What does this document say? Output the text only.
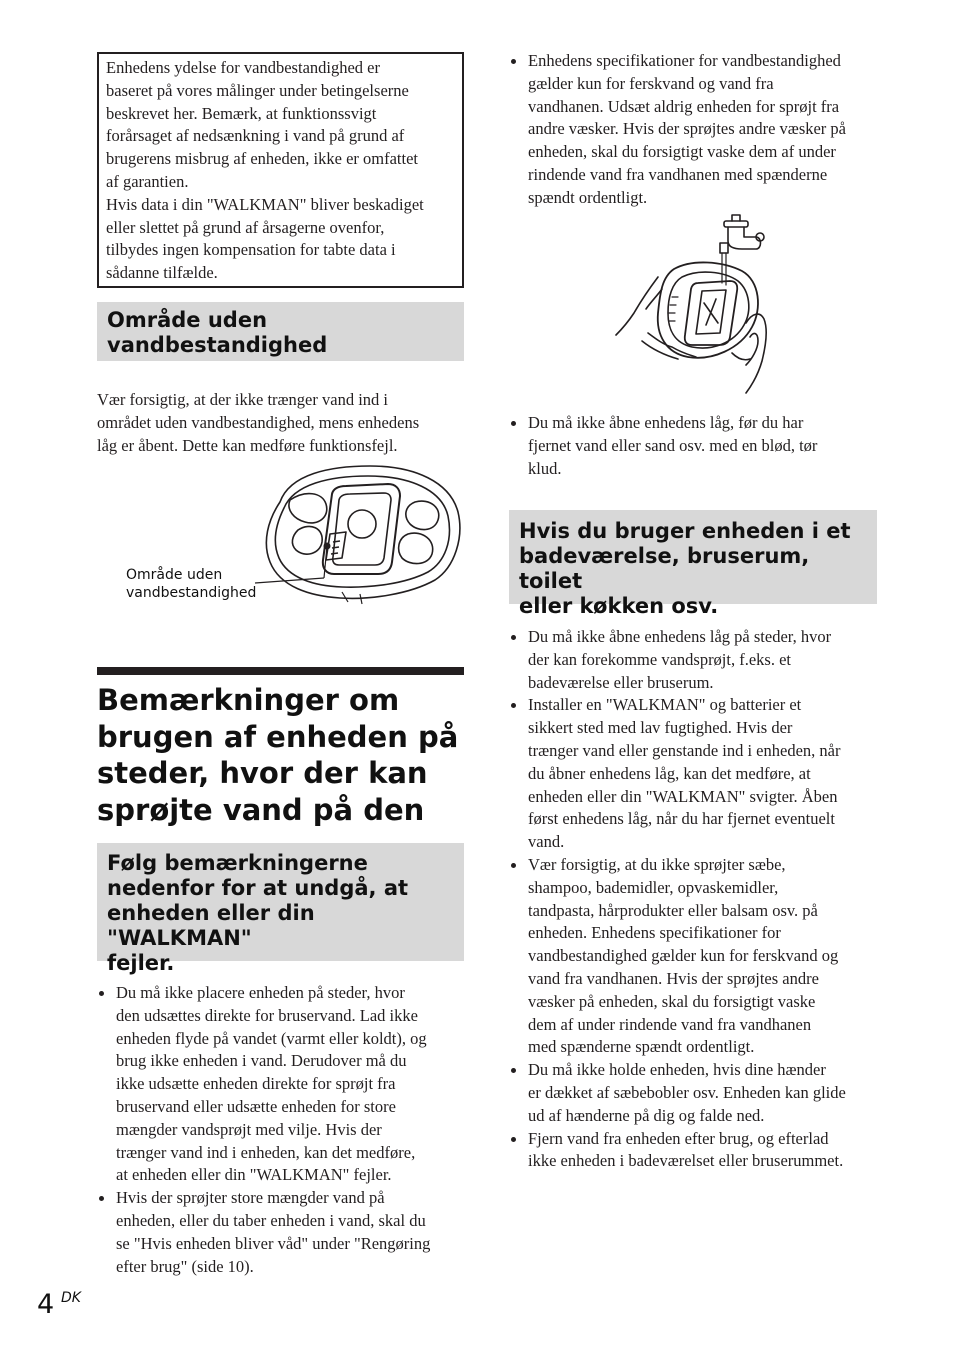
Enhedens ydelse for vandbestandighed er

baseret på vores målinger under betingelserne

beskrevet her. Bemærk, at funktionssvigt

forårsaget af nedsænkning i vand på grund af

brugerens misbrug af enheden, ikke er omfattet

af garantien.

Hvis data i din "WALKMAN" bliver beskadiget

eller slettet på grund af årsagerne ovenfor,

tilbydes ingen kompensation for tabte data i

sådanne tilfælde.

Område uden
vandbestandighed
Vær forsigtig, at der ikke trænger vand ind i
området uden vandbestandighed, mens enhedens
låg er åbent. Dette kan medføre funktionsfejl.
Område uden
vandbestandighed
Bemærkninger om
brugen af enheden på
steder, hvor der kan
sprøjte vand på den
Følg bemærkningerne
nedenfor for at undgå, at
enheden eller din "WALKMAN"
fejler.
Du må ikke placere enheden på steder, hvor
den udsættes direkte for bruservand. Lad ikke
enheden flyde på vandet (varmt eller koldt), og
brug ikke enheden i vand. Derudover må du
ikke udsætte enheden direkte for sprøjt fra
bruservand eller udsætte enheden for store
mængder vandsprøjt med vilje. Hvis der
trænger vand ind i enheden, kan det medføre,
at enheden eller din "WALKMAN" fejler.
Hvis der sprøjter store mængder vand på
enheden, eller du taber enheden i vand, skal du
se "Hvis enheden bliver våd" under "Rengøring
efter brug" (side 10).
Enhedens specifikationer for vandbestandighed
gælder kun for ferskvand og vand fra
vandhanen. Udsæt aldrig enheden for sprøjt fra
andre væsker. Hvis der sprøjtes andre væsker på
enheden, skal du forsigtigt vaske dem af under
rindende vand fra vandhanen med spænderne
spændt ordentligt.
Du må ikke åbne enhedens låg, før du har
fjernet vand eller sand osv. med en blød, tør
klud.
Hvis du bruger enheden i et
badeværelse, bruserum, toilet
eller køkken osv.
Du må ikke åbne enhedens låg på steder, hvor
der kan forekomme vandsprøjt, f.eks. et
badeværelse eller bruserum.
Installer en "WALKMAN" og batterier et
sikkert sted med lav fugtighed. Hvis der
trænger vand eller genstande ind i enheden, når
du åbner enhedens låg, kan det medføre, at
enheden eller din "WALKMAN" svigter. Åben
først enhedens låg, når du har fjernet eventuelt
vand.
Vær forsigtig, at du ikke sprøjter sæbe,
shampoo, bademidler, opvaskemidler,
tandpasta, hårprodukter eller balsam osv. på
enheden. Enhedens specifikationer for
vandbestandighed gælder kun for ferskvand og
vand fra vandhanen. Hvis der sprøjtes andre
væsker på enheden, skal du forsigtigt vaske
dem af under rindende vand fra vandhanen
med spænderne spændt ordentligt.
Du må ikke holde enheden, hvis dine hænder
er dækket af sæbebobler osv. Enheden kan glide
ud af hænderne på dig og falde ned.
Fjern vand fra enheden efter brug, og efterlad
ikke enheden i badeværelset eller bruserummet.
4 DK
